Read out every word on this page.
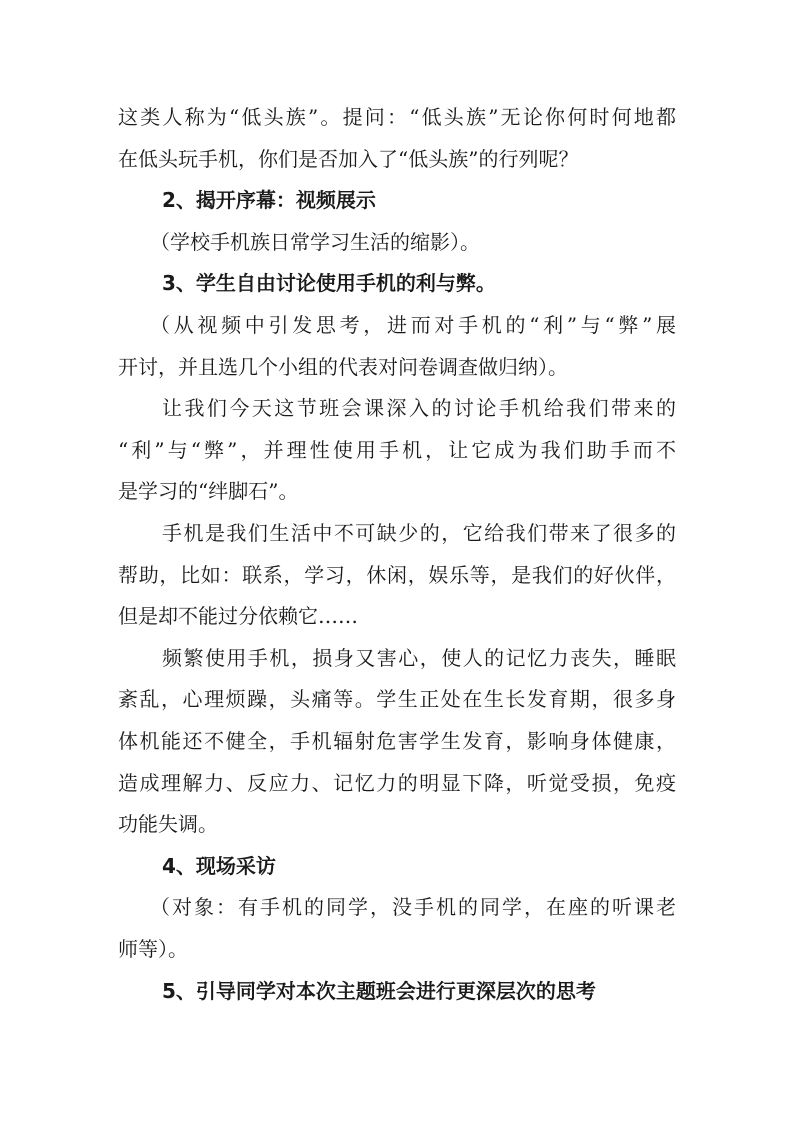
这类人称为“低头族”。提问：“低头族”无论你何时何地都
在低头玩手机，你们是否加入了“低头族”的行列呢？
2、揭开序幕：视频展示
（学校手机族日常学习生活的缩影）。
3、学生自由讨论使用手机的利与弊。
（从视频中引发思考，进而对手机的“利”与“弊”展
开讨，并且选几个小组的代表对问卷调查做归纳）。
让我们今天这节班会课深入的讨论手机给我们带来的
“利”与“弊”，并理性使用手机，让它成为我们助手而不
是学习的“绊脚石”。
手机是我们生活中不可缺少的，它给我们带来了很多的
帮助，比如：联系，学习，休闲，娱乐等，是我们的好伙伴，
但是却不能过分依赖它……
频繁使用手机，损身又害心，使人的记忆力丧失，睡眠
紊乱，心理烦躁，头痛等。学生正处在生长发育期，很多身
体机能还不健全，手机辐射危害学生发育，影响身体健康，
造成理解力、反应力、记忆力的明显下降，听觉受损，免疫
功能失调。
4、现场采访
（对象：有手机的同学，没手机的同学，在座的听课老
师等）。
5、引导同学对本次主题班会进行更深层次的思考
